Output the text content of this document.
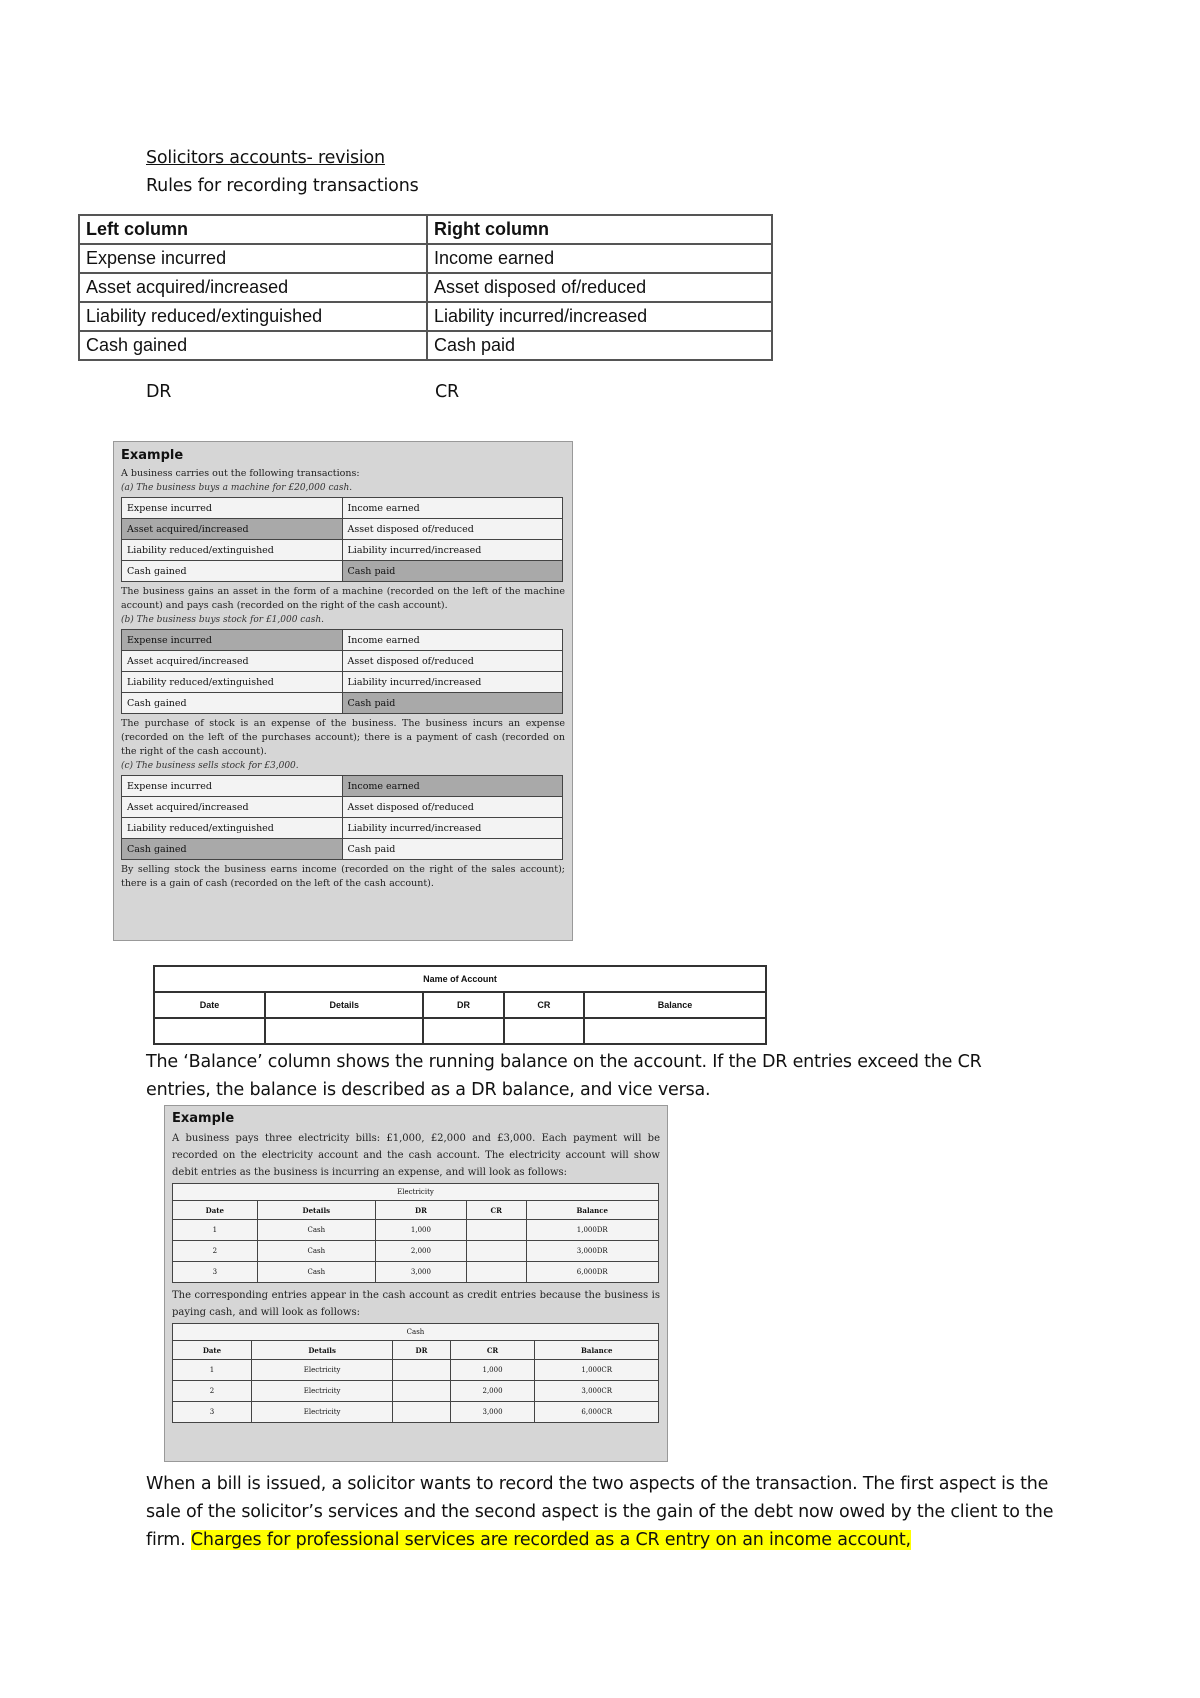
Solicitors accounts- revision
Rules for recording transactions
Left column	Right column
Expense incurred	Income earned
Asset acquired/increased	Asset disposed of/reduced
Liability reduced/extinguished	Liability incurred/increased
Cash gained	Cash paid
DR	CR
Example
A business carries out the following transactions:
(a) The business buys a machine for £20,000 cash.
Expense incurred	Income earned
Asset acquired/increased	Asset disposed of/reduced
Liability reduced/extinguished	Liability incurred/increased
Cash gained	Cash paid
The business gains an asset in the form of a machine (recorded on the left of the machine account) and pays cash (recorded on the right of the cash account).
(b) The business buys stock for £1,000 cash.
Expense incurred	Income earned
Asset acquired/increased	Asset disposed of/reduced
Liability reduced/extinguished	Liability incurred/increased
Cash gained	Cash paid
The purchase of stock is an expense of the business. The business incurs an expense (recorded on the left of the purchases account); there is a payment of cash (recorded on the right of the cash account).
(c) The business sells stock for £3,000.
Expense incurred	Income earned
Asset acquired/increased	Asset disposed of/reduced
Liability reduced/extinguished	Liability incurred/increased
Cash gained	Cash paid
By selling stock the business earns income (recorded on the right of the sales account); there is a gain of cash (recorded on the left of the cash account).
Name of Account				
Date	Details	DR	CR	Balance

The ‘Balance’ column shows the running balance on the account. If the DR entries exceed the CR entries, the balance is described as a DR balance, and vice versa.
Example
A business pays three electricity bills: £1,000, £2,000 and £3,000. Each payment will be recorded on the electricity account and the cash account. The electricity account will show debit entries as the business is incurring an expense, and will look as follows:
Electricity				
Date	Details	DR	CR	Balance
1	Cash	1,000		1,000DR
2	Cash	2,000		3,000DR
3	Cash	3,000		6,000DR
The corresponding entries appear in the cash account as credit entries because the business is paying cash, and will look as follows:
Cash				
Date	Details	DR	CR	Balance
1	Electricity		1,000	1,000CR
2	Electricity		2,000	3,000CR
3	Electricity		3,000	6,000CR
When a bill is issued, a solicitor wants to record the two aspects of the transaction. The first aspect is the sale of the solicitor’s services and the second aspect is the gain of the debt now owed by the client to the firm. Charges for professional services are recorded as a CR entry on an income account,
